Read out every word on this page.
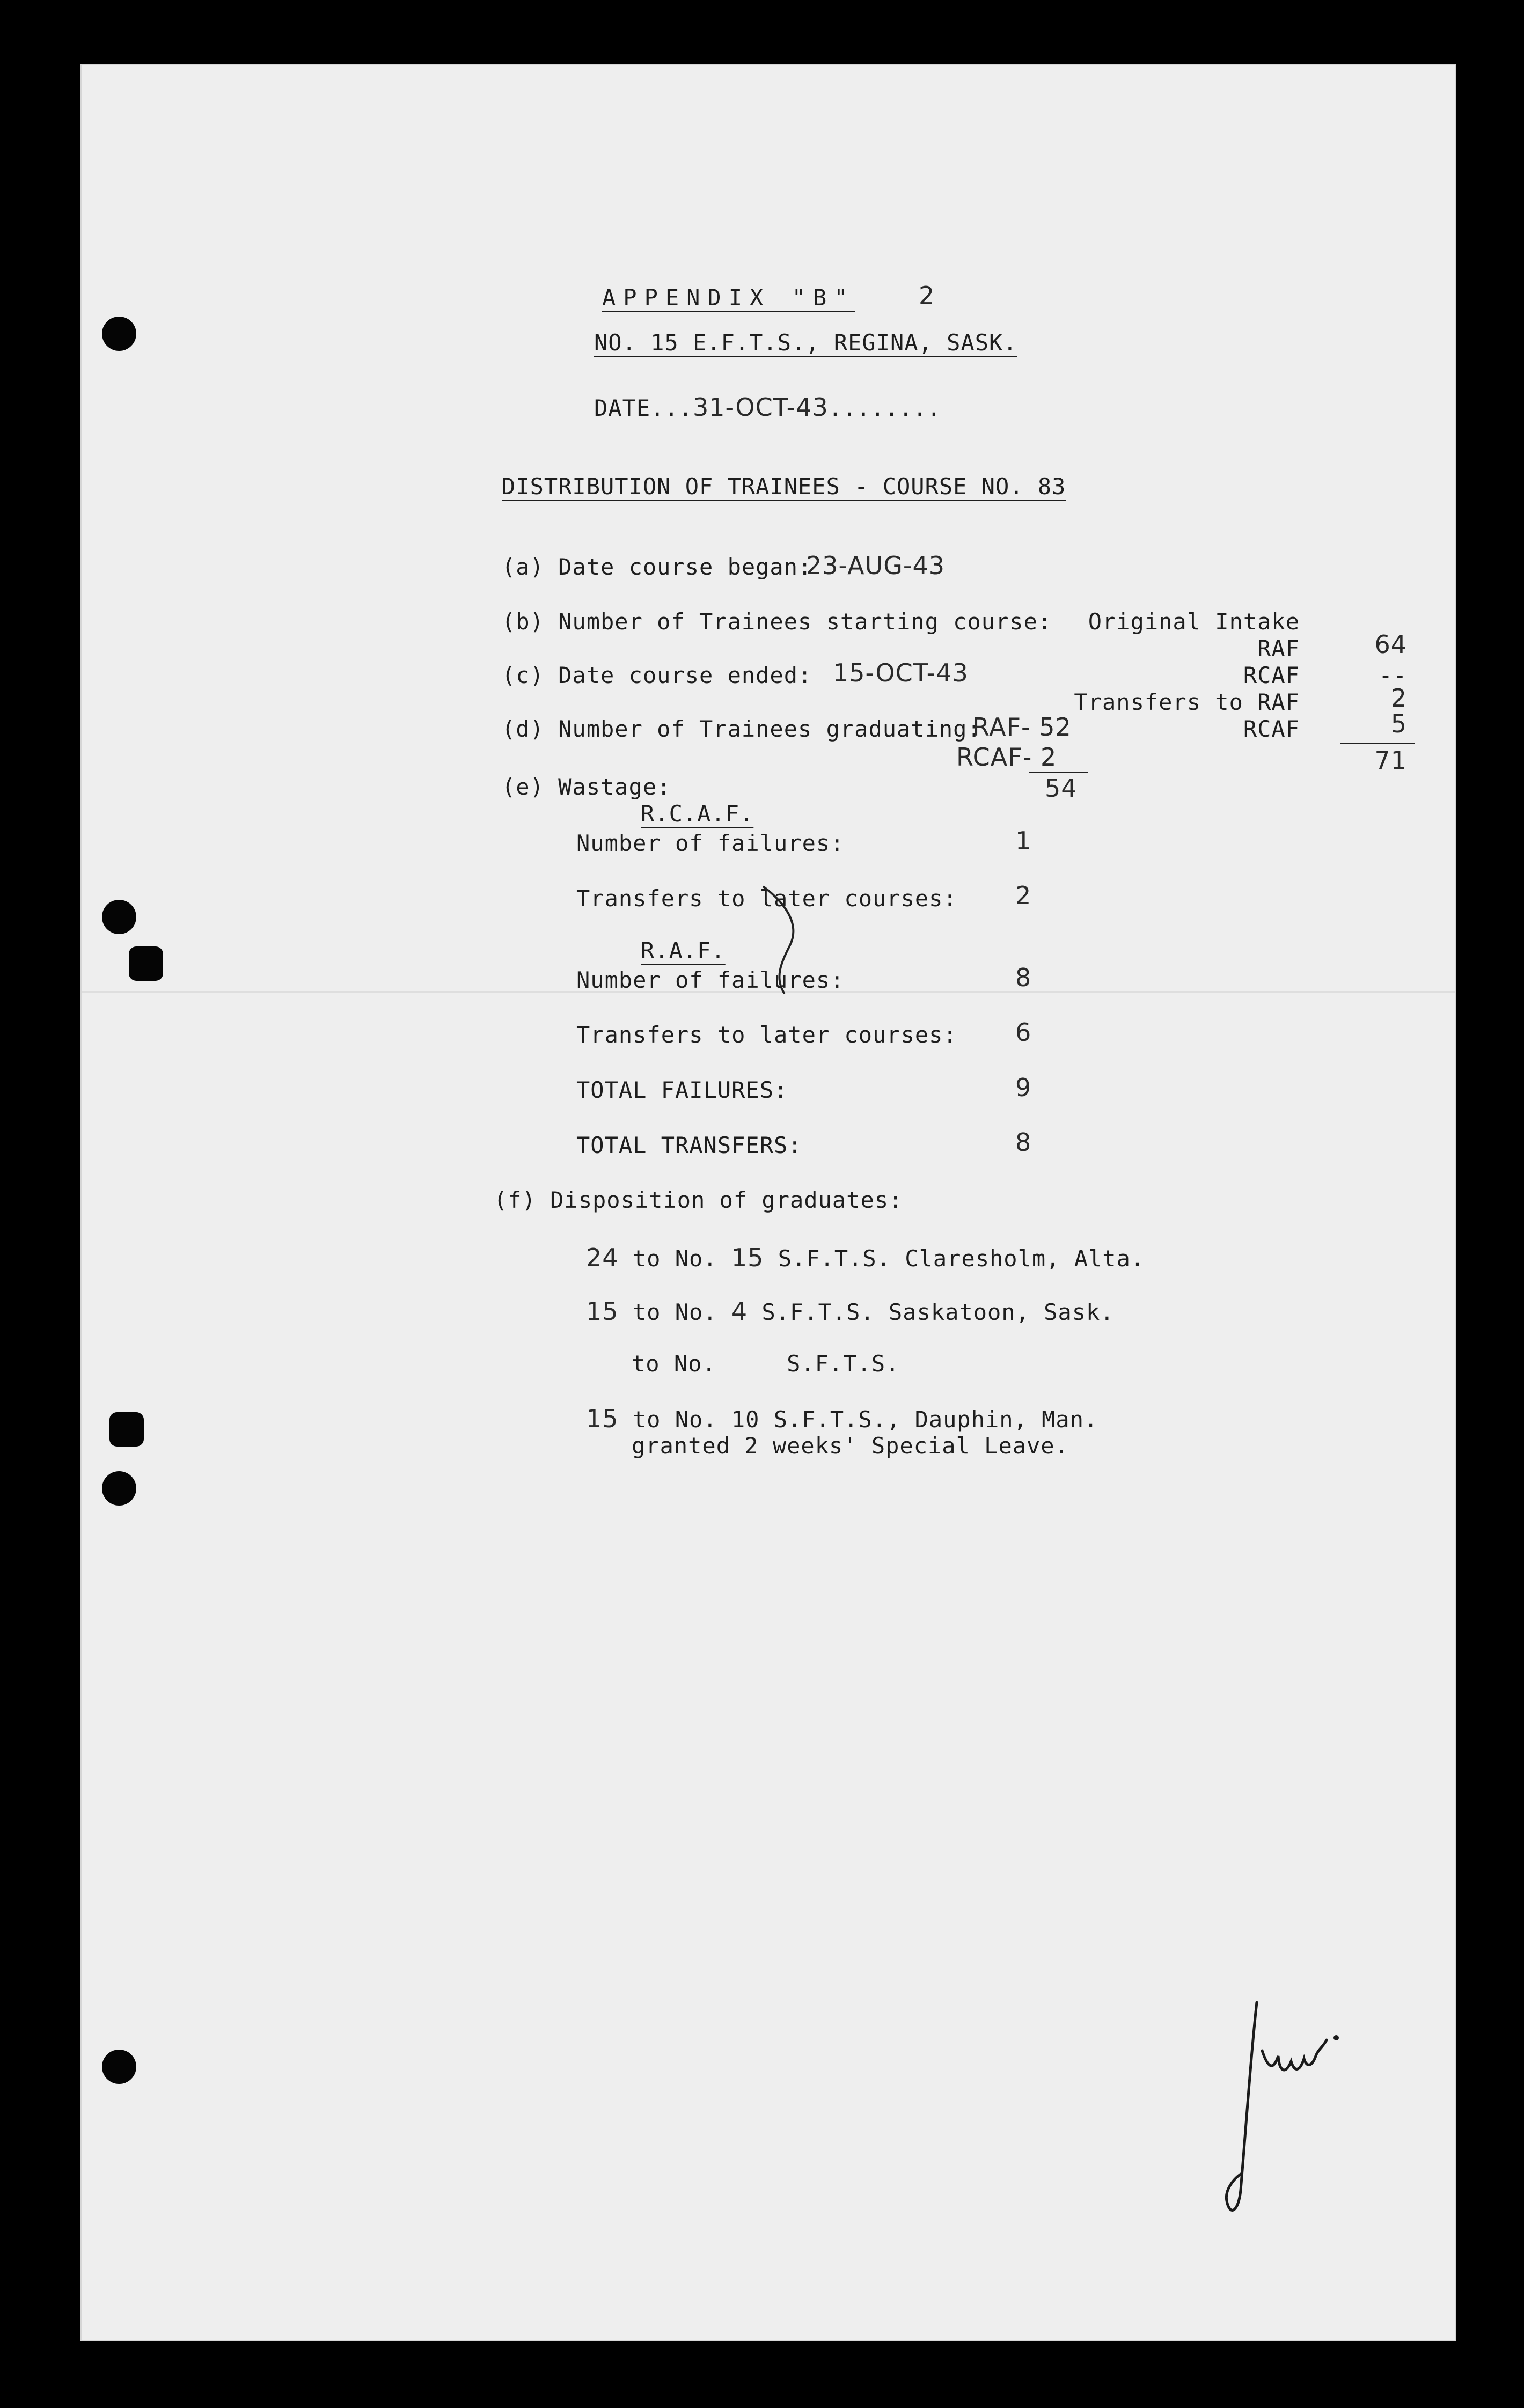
APPENDIX "B"	2
NO. 15 E.F.T.S., REGINA, SASK.
DATE...31-OCT-43........
DISTRIBUTION OF TRAINEES - COURSE NO. 83
(a) Date course began:
23-AUG-43
(b) Number of Trainees starting course:	Original Intake
RAF	64
RCAF	--
Transfers to RAF	2
RCAF	5
71
(c) Date course ended: 15-OCT-43
(d) Number of Trainees graduating:
RAF- 52
RCAF- 2
54
(e) Wastage:
R.C.A.F.
Number of failures:	1
Transfers to later courses: 2
R.A.F.
Number of failures:	8
Transfers to later courses: 6
TOTAL FAILURES:	9
TOTAL TRANSFERS:	8
(f) Disposition of graduates:
24 to No. 15 S.F.T.S. Claresholm, Alta.
15 to No. 4 S.F.T.S. Saskatoon, Sask.
to No.     S.F.T.S.
15 to No. 10 S.F.T.S., Dauphin, Man.
granted 2 weeks' Special Leave.
